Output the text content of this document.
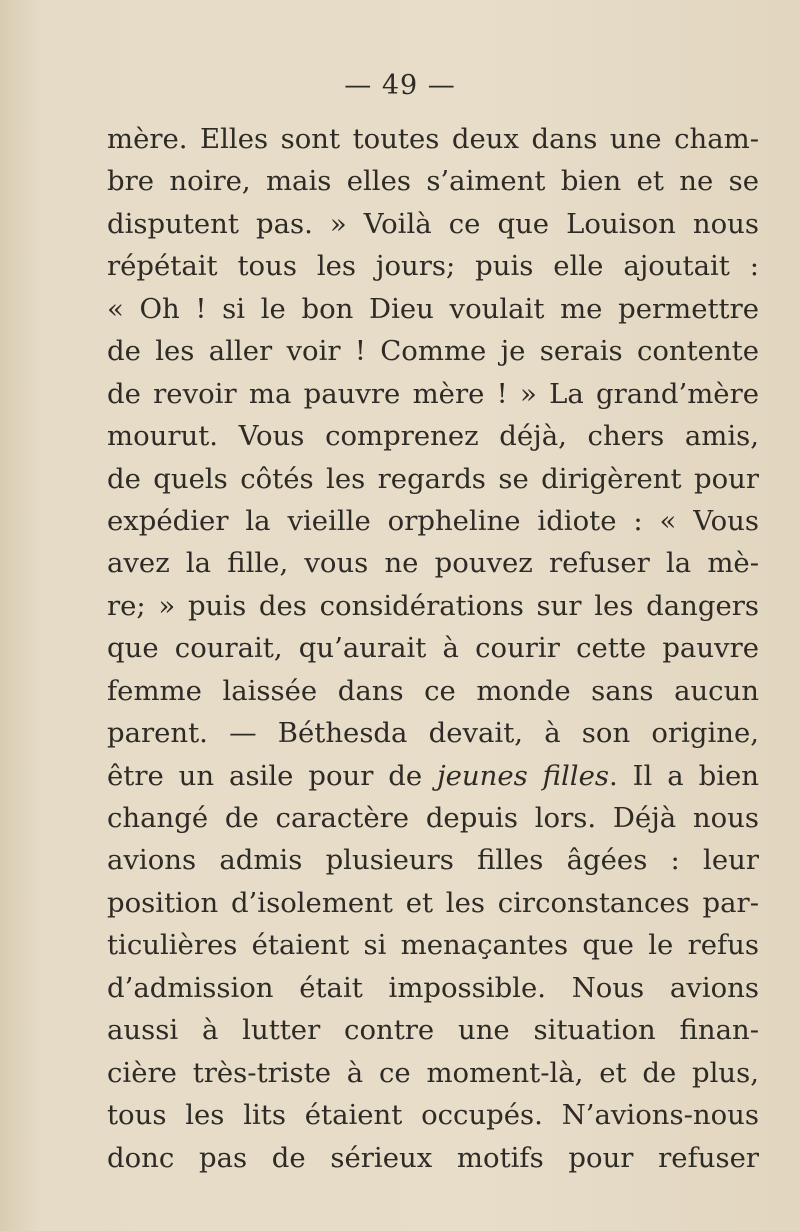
— 49 —
mère. Elles sont toutes deux dans une cham-
bre noire, mais elles s’aiment bien et ne se
disputent pas. » Voilà ce que Louison nous
répétait tous les jours; puis elle ajoutait :
« Oh ! si le bon Dieu voulait me permettre
de les aller voir ! Comme je serais contente
de revoir ma pauvre mère ! » La grand’mère
mourut. Vous comprenez déjà, chers amis,
de quels côtés les regards se dirigèrent pour
expédier la vieille orpheline idiote : « Vous
avez la fille, vous ne pouvez refuser la mè-
re; » puis des considérations sur les dangers
que courait, qu’aurait à courir cette pauvre
femme laissée dans ce monde sans aucun
parent. — Béthesda devait, à son origine,
être un asile pour de jeunes filles. Il a bien
changé de caractère depuis lors. Déjà nous
avions admis plusieurs filles âgées : leur
position d’isolement et les circonstances par-
ticulières étaient si menaçantes que le refus
d’admission était impossible. Nous avions
aussi à lutter contre une situation finan-
cière très-triste à ce moment-là, et de plus,
tous les lits étaient occupés. N’avions-nous
donc pas de sérieux motifs pour refuser
